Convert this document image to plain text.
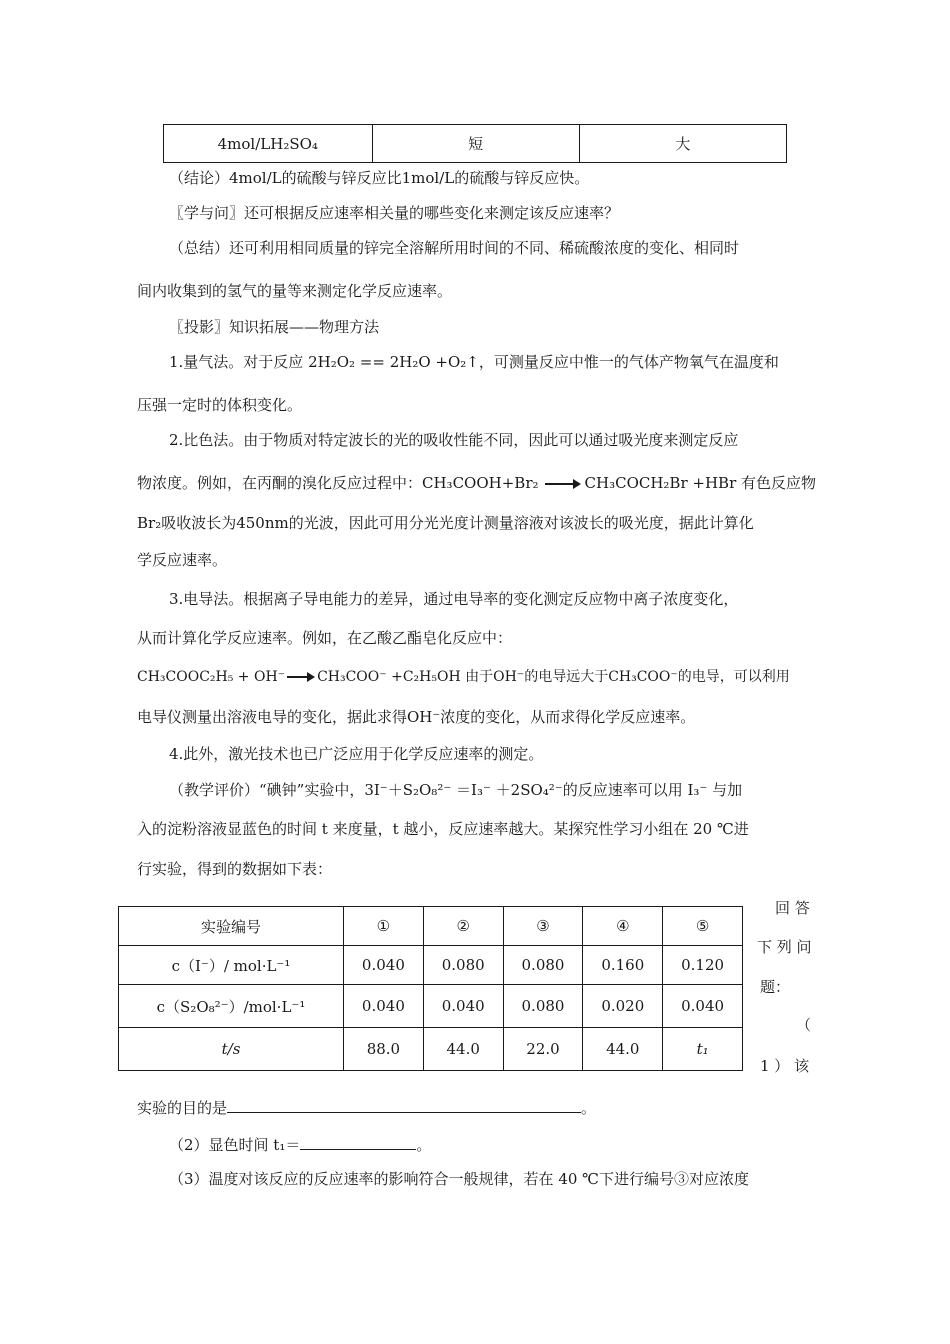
4mol/LH₂SO₄	短	大
（结论）4mol/L的硫酸与锌反应比1mol/L的硫酸与锌反应快。
〖学与问〗还可根据反应速率相关量的哪些变化来测定该反应速率？
（总结）还可利用相同质量的锌完全溶解所用时间的不同、稀硫酸浓度的变化、相同时
间内收集到的氢气的量等来测定化学反应速率。
〖投影〗知识拓展——物理方法
1.量气法。对于反应 2H₂O₂ == 2H₂O +O₂↑，可测量反应中惟一的气体产物氧气在温度和
压强一定时的体积变化。
2.比色法。由于物质对特定波长的光的吸收性能不同，因此可以通过吸光度来测定反应
物浓度。例如，在丙酮的溴化反应过程中：CH₃COOH+Br₂ → CH₃COCH₂Br +HBr 有色反应物
Br₂吸收波长为450nm的光波，因此可用分光光度计测量溶液对该波长的吸光度，据此计算化
学反应速率。
3.电导法。根据离子导电能力的差异，通过电导率的变化测定反应物中离子浓度变化，
从而计算化学反应速率。例如，在乙酸乙酯皂化反应中：
CH₃COOC₂H₅ + OH⁻ → CH₃COO⁻ +C₂H₅OH 由于OH⁻的电导远大于CH₃COO⁻的电导，可以利用
电导仪测量出溶液电导的变化，据此求得OH⁻浓度的变化，从而求得化学反应速率。
4.此外，激光技术也已广泛应用于化学反应速率的测定。
（教学评价）“碘钟”实验中，3I⁻＋S₂O₈²⁻ ＝I₃⁻ ＋2SO₄²⁻的反应速率可以用 I₃⁻ 与加
入的淀粉溶液显蓝色的时间 t 来度量，t 越小，反应速率越大。某探究性学习小组在 20 ℃进
行实验，得到的数据如下表：
实验编号	①	②	③	④	⑤
c（I⁻）/ mol·L⁻¹	0.040	0.080	0.080	0.160	0.120
c（S₂O₈²⁻）/mol·L⁻¹	0.040	0.040	0.080	0.020	0.040
t/s	88.0	44.0	22.0	44.0	t₁
回 答
下 列 问
题：
（
1 ） 该
实验的目的是	。
（2）显色时间 t₁＝	。
（3）温度对该反应的反应速率的影响符合一般规律，若在 40 ℃下进行编号③对应浓度
